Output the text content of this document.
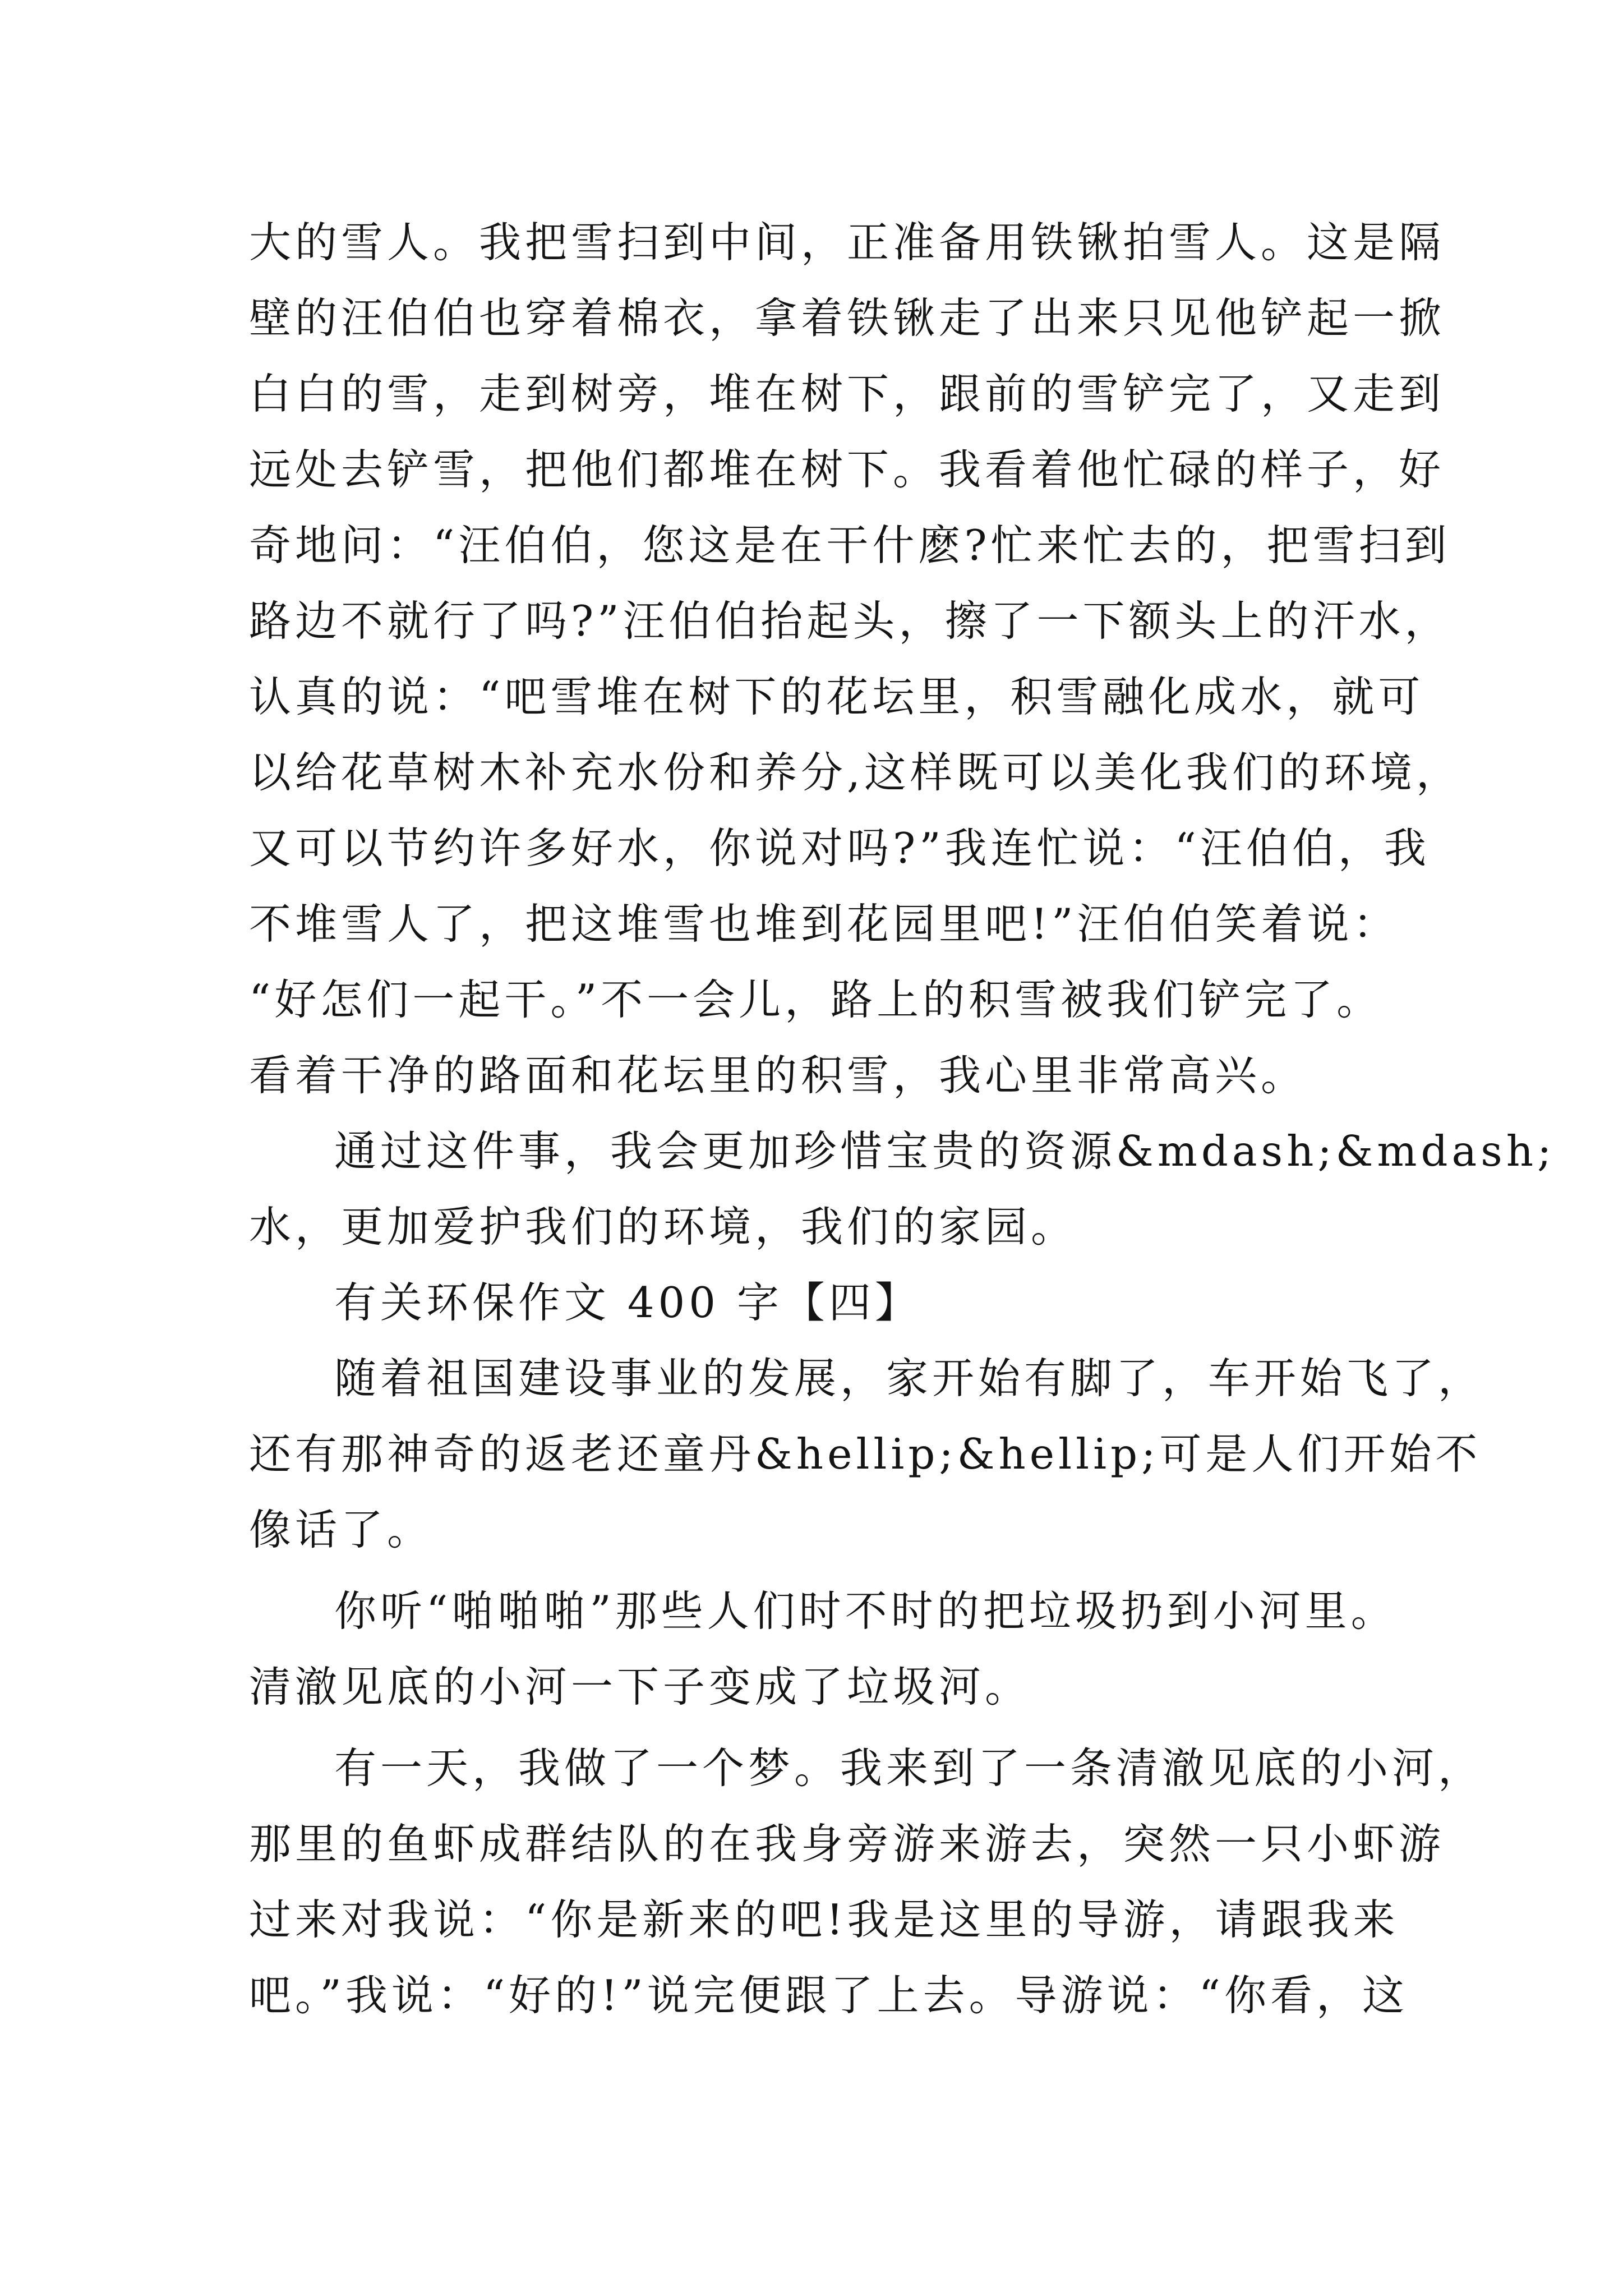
大的雪人。我把雪扫到中间，正准备用铁锹拍雪人。这是隔
壁的汪伯伯也穿着棉衣，拿着铁锹走了出来只见他铲起一掀
白白的雪，走到树旁，堆在树下，跟前的雪铲完了，又走到
远处去铲雪，把他们都堆在树下。我看着他忙碌的样子，好
奇地问：“汪伯伯，您这是在干什麽?忙来忙去的，把雪扫到
路边不就行了吗?”汪伯伯抬起头，擦了一下额头上的汗水，
认真的说：“吧雪堆在树下的花坛里，积雪融化成水，就可
以给花草树木补充水份和养分,这样既可以美化我们的环境，
又可以节约许多好水，你说对吗?”我连忙说：“汪伯伯，我
不堆雪人了，把这堆雪也堆到花园里吧!”汪伯伯笑着说：
“好怎们一起干。”不一会儿，路上的积雪被我们铲完了。
看着干净的路面和花坛里的积雪，我心里非常高兴。
通过这件事，我会更加珍惜宝贵的资源&mdash;&mdash;
水，更加爱护我们的环境，我们的家园。
有关环保作文 400 字【四】
随着祖国建设事业的发展，家开始有脚了，车开始飞了，
还有那神奇的返老还童丹&hellip;&hellip;可是人们开始不
像话了。
你听“啪啪啪”那些人们时不时的把垃圾扔到小河里。
清澈见底的小河一下子变成了垃圾河。
有一天，我做了一个梦。我来到了一条清澈见底的小河，
那里的鱼虾成群结队的在我身旁游来游去，突然一只小虾游
过来对我说：“你是新来的吧!我是这里的导游，请跟我来
吧。”我说：“好的!”说完便跟了上去。导游说：“你看，这
